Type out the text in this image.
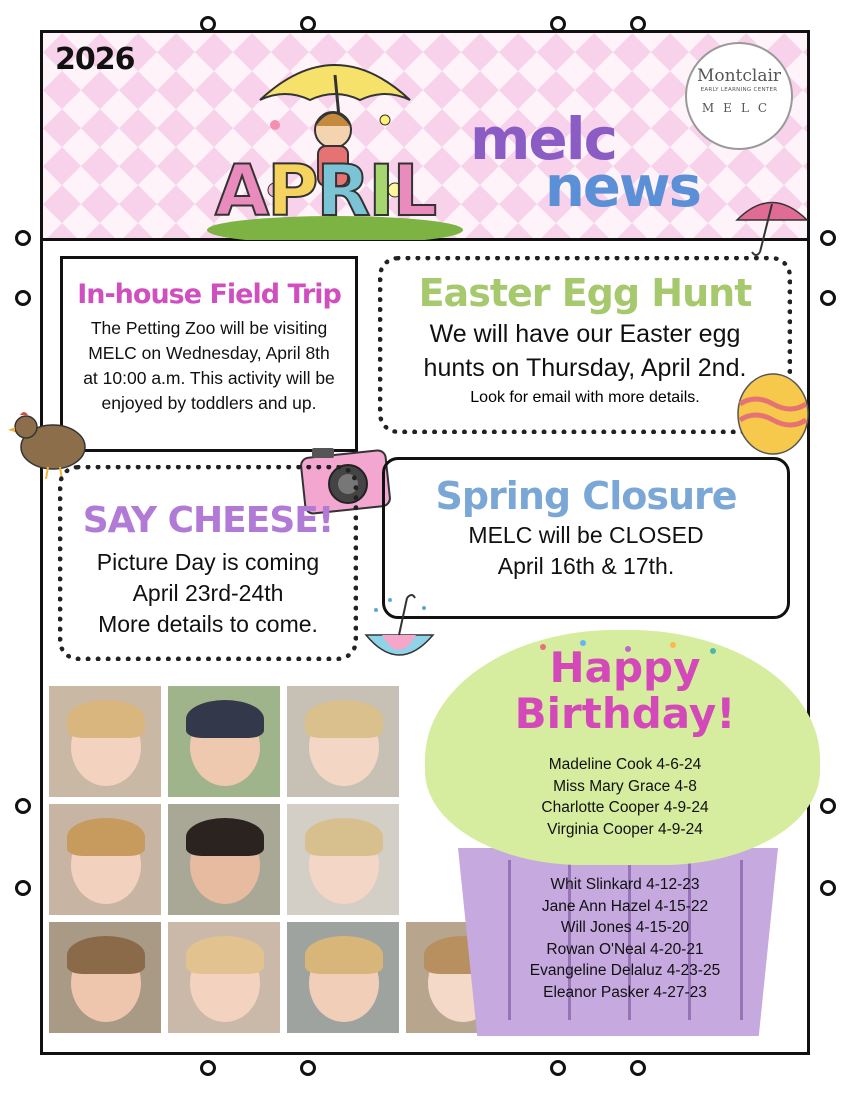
2026
APRIL
melc
news
Montclair
EARLY LEARNING CENTER
MELC
In-house Field Trip
The Petting Zoo will be visiting
MELC on Wednesday, April 8th
at 10:00 a.m. This activity will be
enjoyed by toddlers and up.
Easter Egg Hunt
We will have our Easter egg
hunts on Thursday, April 2nd.
Look for email with more details.
SAY CHEESE!
Picture Day is coming
April 23rd-24th
More details to come.
Spring Closure
MELC will be CLOSED
April 16th & 17th.
Happy
Birthday!
Madeline Cook 4-6-24
Miss Mary Grace 4-8
Charlotte Cooper 4-9-24
Virginia Cooper 4-9-24
Whit Slinkard 4-12-23
Jane Ann Hazel 4-15-22
Will Jones 4-15-20
Rowan O'Neal 4-20-21
Evangeline Delaluz 4-23-25
Eleanor Pasker 4-27-23
